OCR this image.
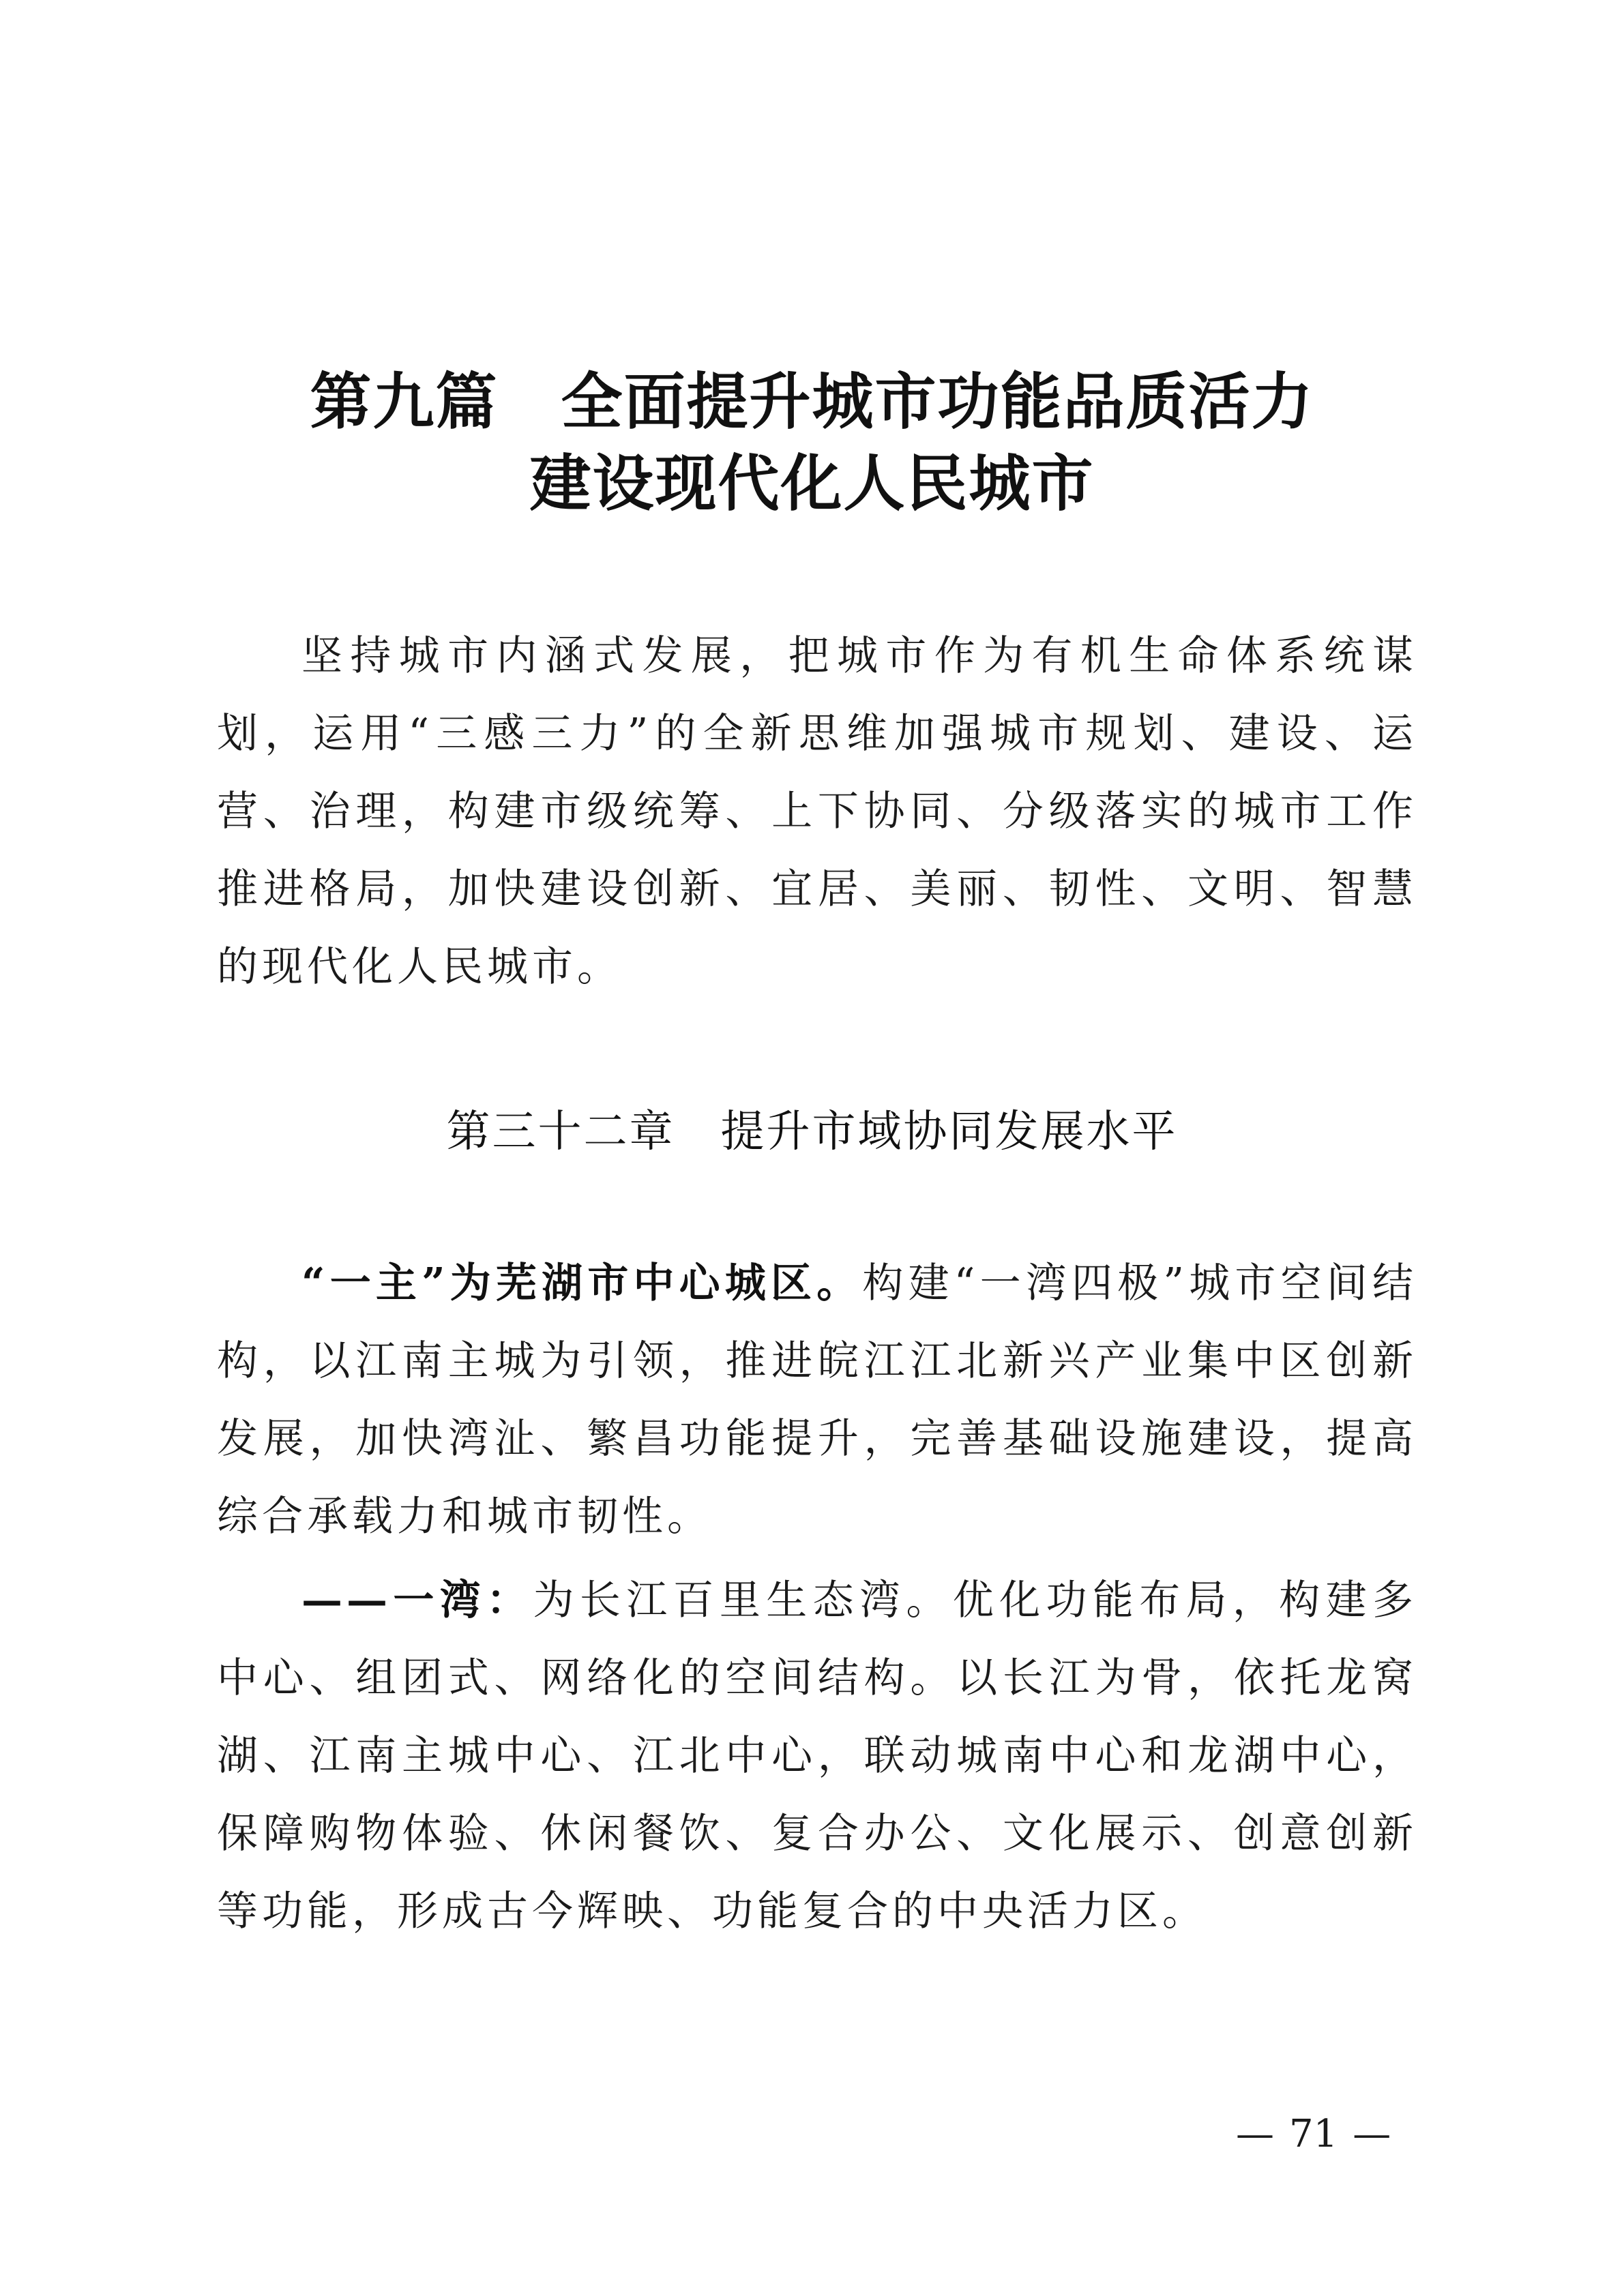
第九篇　全面提升城市功能品质活力
建设现代化人民城市

坚持城市内涵式发展，把城市作为有机生命体系统谋划，运用“三感三力”的全新思维加强城市规划、建设、运营、治理，构建市级统筹、上下协同、分级落实的城市工作推进格局，加快建设创新、宜居、美丽、韧性、文明、智慧的现代化人民城市。

第三十二章　提升市域协同发展水平

“一主”为芜湖市中心城区。构建“一湾四极”城市空间结构，以江南主城为引领，推进皖江江北新兴产业集中区创新发展，加快湾沚、繁昌功能提升，完善基础设施建设，提高综合承载力和城市韧性。

——一湾：为长江百里生态湾。优化功能布局，构建多中心、组团式、网络化的空间结构。以长江为骨，依托龙窝湖、江南主城中心、江北中心，联动城南中心和龙湖中心，保障购物体验、休闲餐饮、复合办公、文化展示、创意创新等功能，形成古今辉映、功能复合的中央活力区。

— 71 —
